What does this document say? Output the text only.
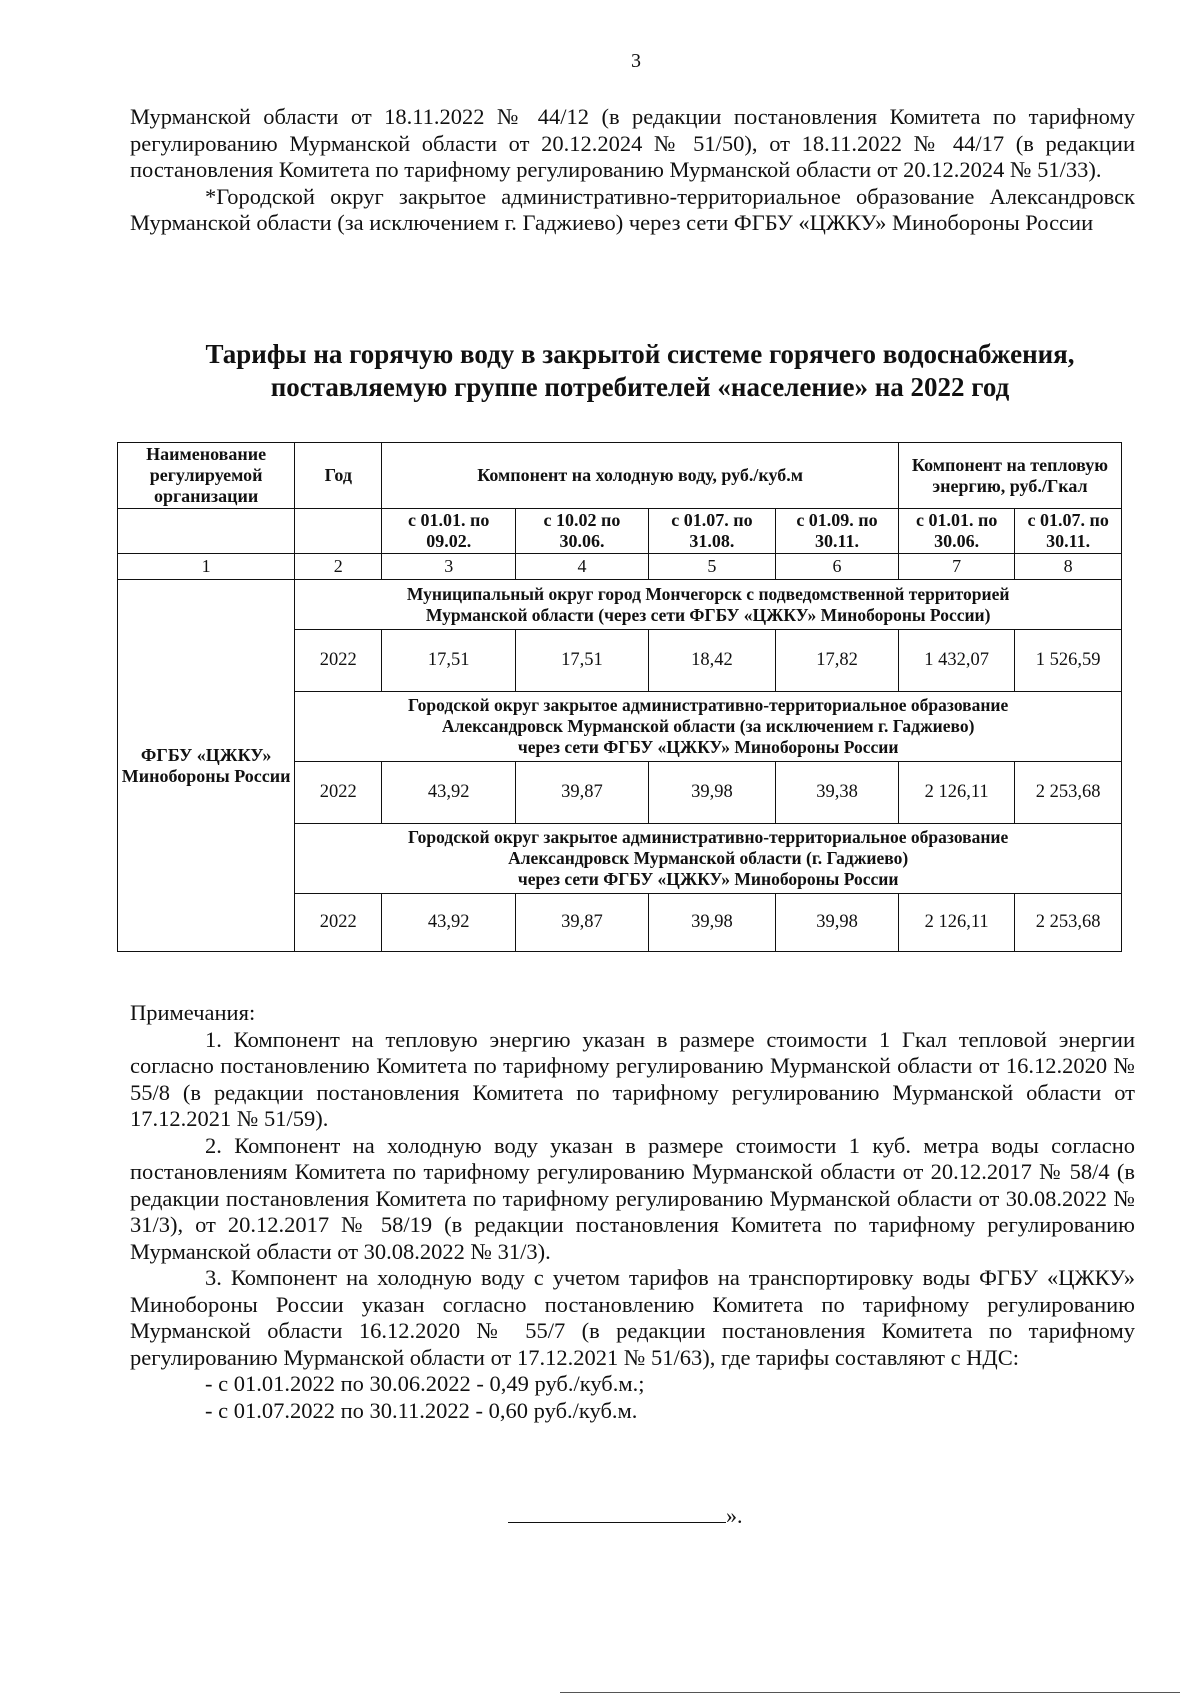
3

Мурманской области от 18.11.2022 № 44/12 (в редакции постановления Комитета по тарифному регулированию Мурманской области от 20.12.2024 № 51/50), от 18.11.2022 № 44/17 (в редакции постановления Комитета по тарифному регулированию Мурманской области от 20.12.2024 № 51/33).

*Городской округ закрытое административно-территориальное образование Александровск Мурманской области (за исключением г. Гаджиево) через сети ФГБУ «ЦЖКУ» Минобороны России

Тарифы на горячую воду в закрытой системе горячего водоснабжения,
поставляемую группе потребителей «население» на 2022 год
Наименование регулируемой организации	Год	Компонент на холодную воду, руб./куб.м				Компонент на тепловую энергию, руб./Гкал	
		с 01.01. по 09.02.	с 10.02 по 30.06.	с 01.07. по 31.08.	с 01.09. по 30.11.	с 01.01. по 30.06.	с 01.07. по 30.11.
1	2	3	4	5	6	7	8
ФГБУ «ЦЖКУ» Минобороны России	Муниципальный округ город Мончегорск с подведомственной территорией
Мурманской области (через сети ФГБУ «ЦЖКУ» Минобороны России)						

	2022	17,51	17,51	18,42	17,82	1 432,07	1 526,59

	Городской округ закрытое административно-территориальное образование
Александровск Мурманской области (за исключением г. Гаджиево)
через сети ФГБУ «ЦЖКУ» Минобороны России						

	2022	43,92	39,87	39,98	39,38	2 126,11	2 253,68

	Городской округ закрытое административно-территориальное образование
Александровск Мурманской области (г. Гаджиево)
через сети ФГБУ «ЦЖКУ» Минобороны России						

	2022	43,92	39,87	39,98	39,98	2 126,11	2 253,68

Примечания:

1. Компонент на тепловую энергию указан в размере стоимости 1 Гкал тепловой энергии согласно постановлению Комитета по тарифному регулированию Мурманской области от 16.12.2020 № 55/8 (в редакции постановления Комитета по тарифному регулированию Мурманской области от 17.12.2021 № 51/59).

2. Компонент на холодную воду указан в размере стоимости 1 куб. метра воды согласно постановлениям Комитета по тарифному регулированию Мурманской области от 20.12.2017 № 58/4 (в редакции постановления Комитета по тарифному регулированию Мурманской области от 30.08.2022 № 31/3), от 20.12.2017 № 58/19 (в редакции постановления Комитета по тарифному регулированию Мурманской области от 30.08.2022 № 31/3).

3. Компонент на холодную воду с учетом тарифов на транспортировку воды ФГБУ «ЦЖКУ» Минобороны России указан согласно постановлению Комитета по тарифному регулированию Мурманской области 16.12.2020 № 55/7 (в редакции постановления Комитета по тарифному регулированию Мурманской области от 17.12.2021 № 51/63), где тарифы составляют с НДС:

- с 01.01.2022 по 30.06.2022 - 0,49 руб./куб.м.;

- с 01.07.2022 по 30.11.2022 - 0,60 руб./куб.м.

».
